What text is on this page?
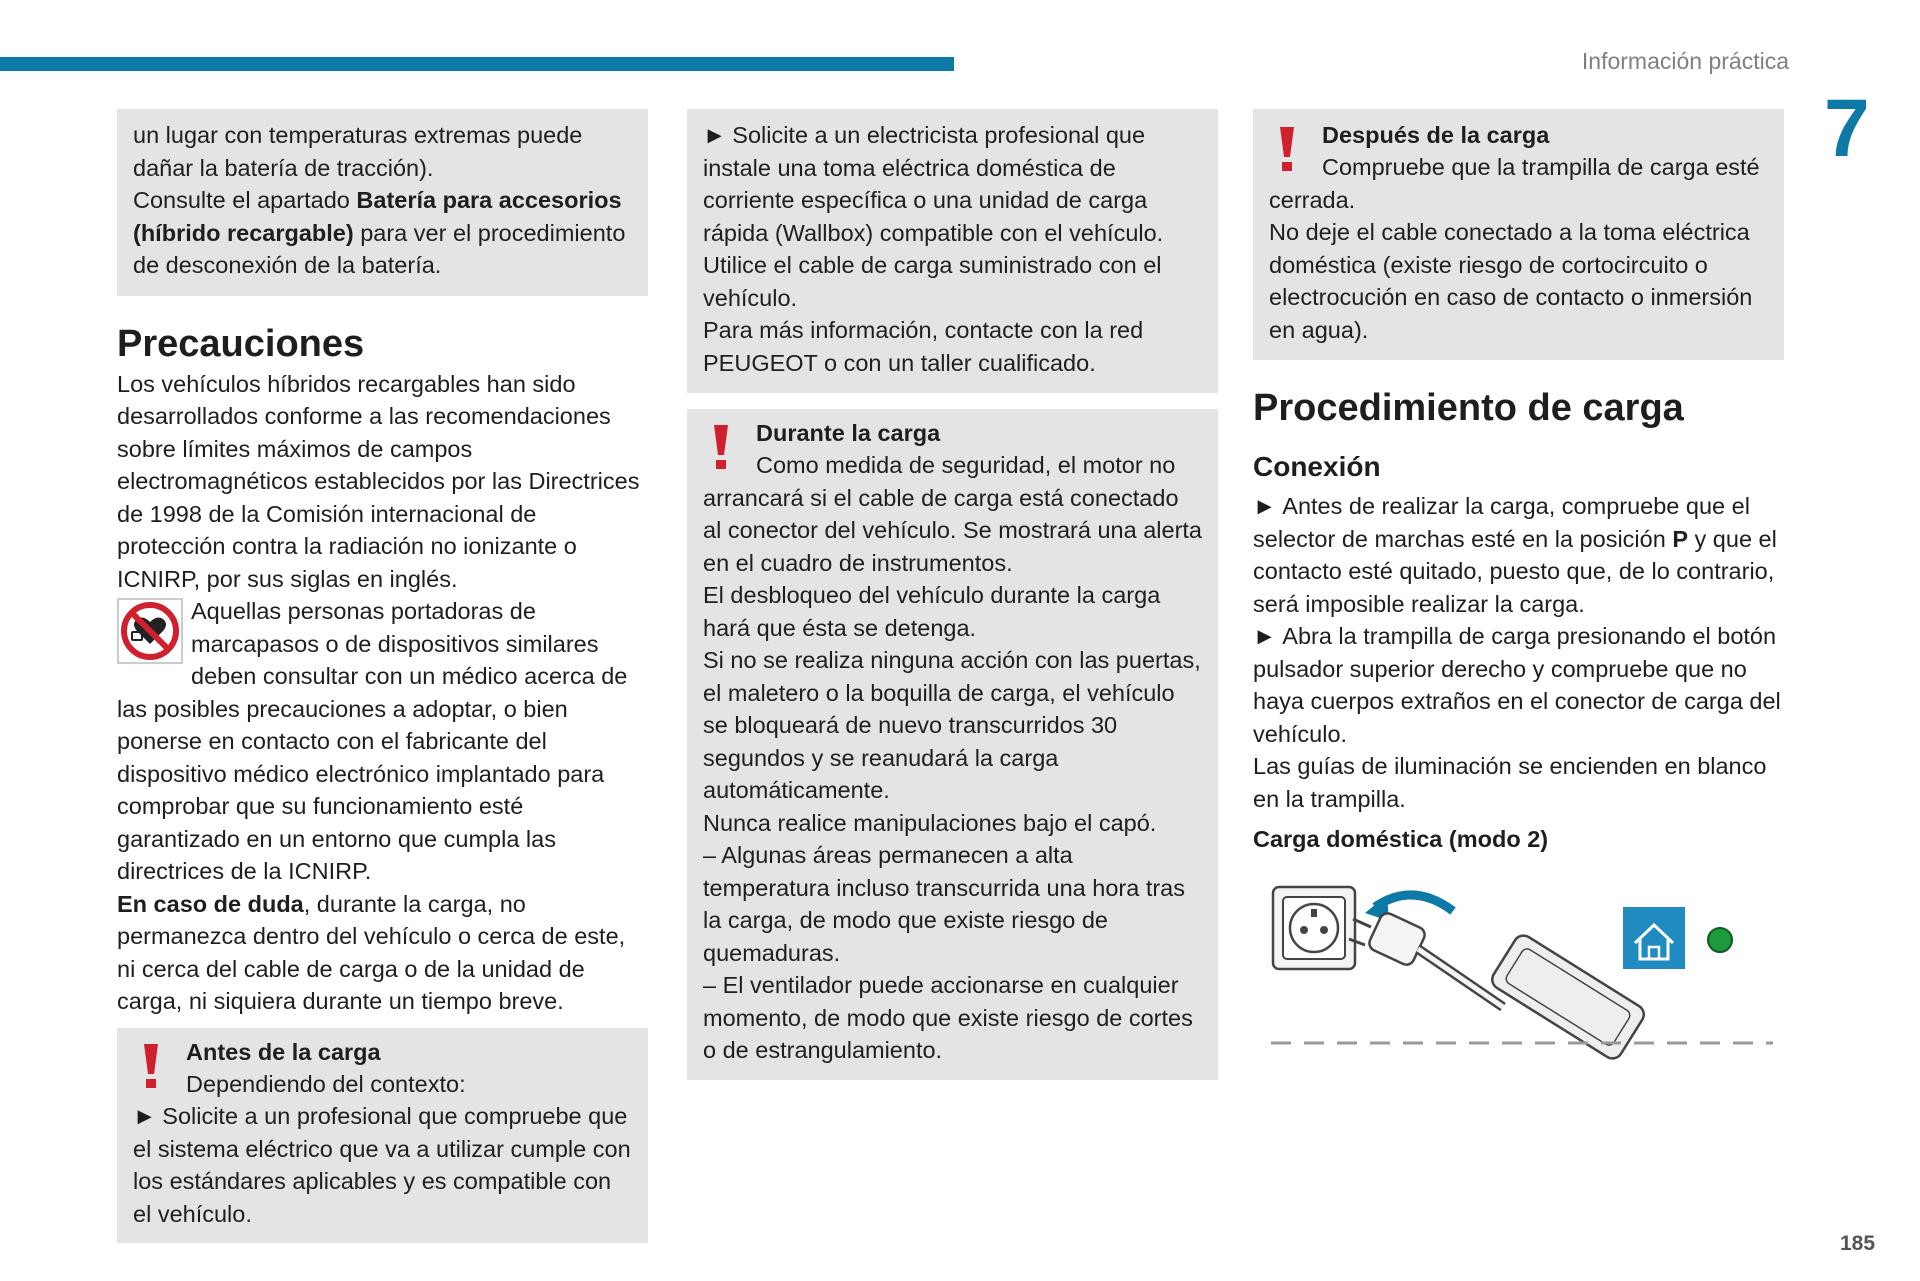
Información práctica
7

un lugar con temperaturas extremas puede dañar la batería de tracción).

Consulte el apartado Batería para accesorios (híbrido recargable) para ver el procedimiento de desconexión de la batería.

Precauciones

Los vehículos híbridos recargables han sido desarrollados conforme a las recomendaciones sobre límites máximos de campos electromagnéticos establecidos por las Directrices de 1998 de la Comisión internacional de protección contra la radiación no ionizante o ICNIRP, por sus siglas en inglés.

Aquellas personas portadoras de marcapasos o de dispositivos similares deben consultar con un médico acerca de las posibles precauciones a adoptar, o bien ponerse en contacto con el fabricante del dispositivo médico electrónico implantado para comprobar que su funcionamiento esté garantizado en un entorno que cumpla las directrices de la ICNIRP.

En caso de duda, durante la carga, no permanezca dentro del vehículo o cerca de este, ni cerca del cable de carga o de la unidad de carga, ni siquiera durante un tiempo breve.

Antes de la carga

Dependiendo del contexto:

► Solicite a un profesional que compruebe que el sistema eléctrico que va a utilizar cumple con los estándares aplicables y es compatible con el vehículo.

► Solicite a un electricista profesional que instale una toma eléctrica doméstica de corriente específica o una unidad de carga rápida (Wallbox) compatible con el vehículo.

Utilice el cable de carga suministrado con el vehículo.

Para más información, contacte con la red PEUGEOT o con un taller cualificado.

Durante la carga

Como medida de seguridad, el motor no arrancará si el cable de carga está conectado al conector del vehículo. Se mostrará una alerta en el cuadro de instrumentos.

El desbloqueo del vehículo durante la carga hará que ésta se detenga.

Si no se realiza ninguna acción con las puertas, el maletero o la boquilla de carga, el vehículo se bloqueará de nuevo transcurridos 30 segundos y se reanudará la carga automáticamente.

Nunca realice manipulaciones bajo el capó.

– Algunas áreas permanecen a alta temperatura incluso transcurrida una hora tras la carga, de modo que existe riesgo de quemaduras.

– El ventilador puede accionarse en cualquier momento, de modo que existe riesgo de cortes o de estrangulamiento.

Después de la carga

Compruebe que la trampilla de carga esté cerrada.

No deje el cable conectado a la toma eléctrica doméstica (existe riesgo de cortocircuito o electrocución en caso de contacto o inmersión en agua).

Procedimiento de carga
Conexión

► Antes de realizar la carga, compruebe que el selector de marchas esté en la posición P y que el contacto esté quitado, puesto que, de lo contrario, será imposible realizar la carga.

► Abra la trampilla de carga presionando el botón pulsador superior derecho y compruebe que no haya cuerpos extraños en el conector de carga del vehículo.

Las guías de iluminación se encienden en blanco en la trampilla.

Carga doméstica (modo 2)

185
